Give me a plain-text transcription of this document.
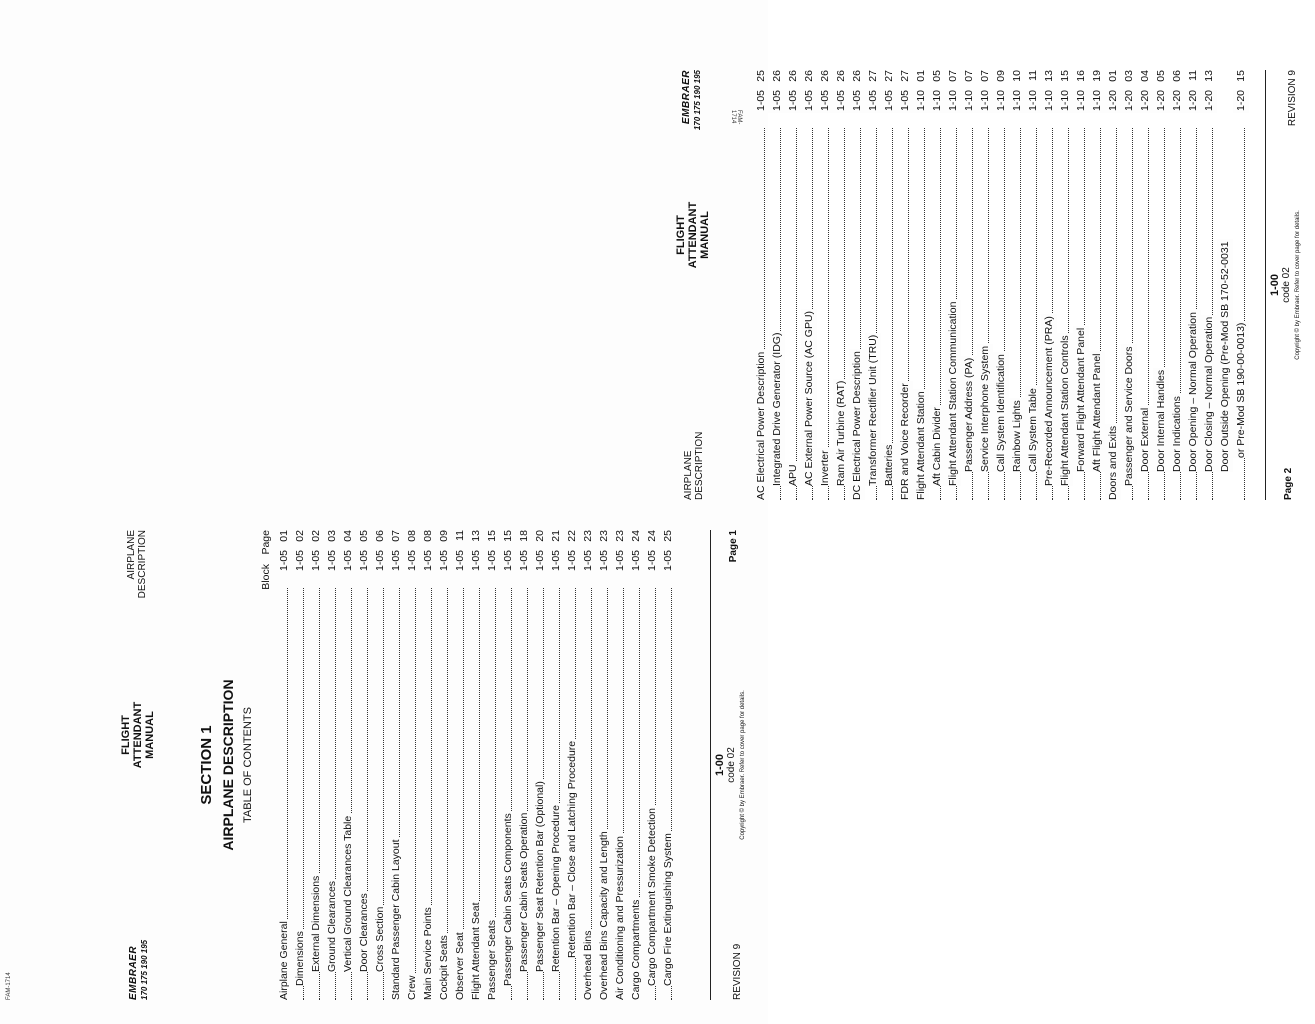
EMBRAER 170 175 190 195
FLIGHT ATTENDANT MANUAL
AIRPLANE DESCRIPTION
SECTION 1 AIRPLANE DESCRIPTION TABLE OF CONTENTS
Block
Page
Airplane General
1-05
01
Dimensions
1-05
02
External Dimensions
1-05
02
Ground Clearances
1-05
03
Vertical Ground Clearances Table
1-05
04
Door Clearances
1-05
05
Cross Section
1-05
06
Standard Passenger Cabin Layout
1-05
07
Crew
1-05
08
Main Service Points
1-05
08
Cockpit Seats
1-05
09
Observer Seat
1-05
11
Flight Attendant Seat
1-05
13
Passenger Seats
1-05
15
Passenger Cabin Seats Components
1-05
15
Passenger Cabin Seats Operation
1-05
18
Passenger Seat Retention Bar (Optional)
1-05
20
Retention Bar – Opening Procedure
1-05
21
Retention Bar – Close and Latching Procedure
1-05
22
Overhead Bins
1-05
23
Overhead Bins Capacity and Length
1-05
23
Air Conditioning and Pressurization
1-05
23
Cargo Compartments
1-05
24
Cargo Compartment Smoke Detection
1-05
24
Cargo Fire Extinguishing System
1-05
25
REVISION 9
1-00 code 02 Copyright © by Embraer. Refer to cover page for details.
Page 1
AIRPLANE DESCRIPTION
FLIGHT ATTENDANT MANUAL
EMBRAER 170 175 190 195
AC Electrical Power Description
1-05
25
Integrated Drive Generator (IDG)
1-05
26
APU
1-05
26
AC External Power Source (AC GPU)
1-05
26
Inverter
1-05
26
Ram Air Turbine (RAT)
1-05
26
DC Electrical Power Description
1-05
26
Transformer Rectifier Unit (TRU)
1-05
27
Batteries
1-05
27
FDR and Voice Recorder
1-05
27
Flight Attendant Station
1-10
01
Aft Cabin Divider
1-10
05
Flight Attendant Station Communication
1-10
07
Passenger Address (PA)
1-10
07
Service Interphone System
1-10
07
Call System Identification
1-10
09
Rainbow Lights
1-10
10
Call System Table
1-10
11
Pre-Recorded Announcement (PRA)
1-10
13
Flight Attendant Station Controls
1-10
15
Forward Flight Attendant Panel
1-10
16
Aft Flight Attendant Panel
1-10
19
Doors and Exits
1-20
01
Passenger and Service Doors
1-20
03
Door External
1-20
04
Door Internal Handles
1-20
05
Door Indications
1-20
06
Door Opening – Normal Operation
1-20
11
Door Closing – Normal Operation
1-20
13
Door Outside Opening (Pre-Mod SB 170-52-0031 or Pre-Mod SB 190-00-0013)
1-20
15
Page 2
1-00 code 02 Copyright © by Embraer. Refer to cover page for details.
REVISION 9
FAM-1714
FAM-1714
